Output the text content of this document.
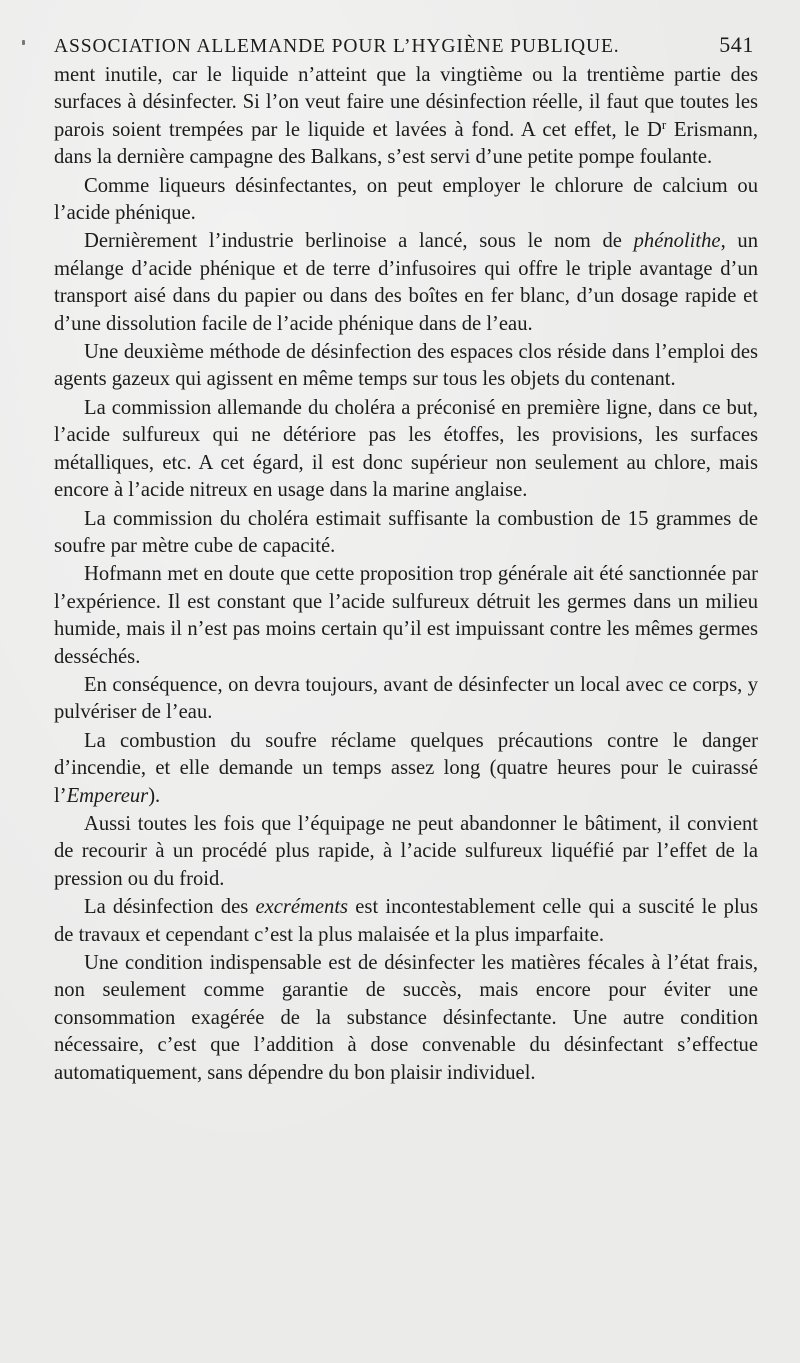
ASSOCIATION ALLEMANDE POUR L’HYGIÈNE PUBLIQUE.	541

ment inutile, car le liquide n’atteint que la vingtième ou la trentième partie des surfaces à désinfecter. Si l’on veut faire une désinfection réelle, il faut que toutes les parois soient trempées par le liquide et lavées à fond. A cet effet, le $D^r$ Erismann, dans la dernière campagne des Balkans, s’est servi d’une petite pompe foulante.

Comme liqueurs désinfectantes, on peut employer le chlorure de calcium ou l’acide phénique.

Dernièrement l’industrie berlinoise a lancé, sous le nom de phénolithe, un mélange d’acide phénique et de terre d’infusoires qui offre le triple avantage d’un transport aisé dans du papier ou dans des boîtes en fer blanc, d’un dosage rapide et d’une dissolution facile de l’acide phénique dans de l’eau.

Une deuxième méthode de désinfection des espaces clos réside dans l’emploi des agents gazeux qui agissent en même temps sur tous les objets du contenant.

La commission allemande du choléra a préconisé en première ligne, dans ce but, l’acide sulfureux qui ne détériore pas les étoffes, les provisions, les surfaces métalliques, etc. A cet égard, il est donc supérieur non seulement au chlore, mais encore à l’acide nitreux en usage dans la marine anglaise.

La commission du choléra estimait suffisante la combustion de 15 grammes de soufre par mètre cube de capacité.

Hofmann met en doute que cette proposition trop générale ait été sanctionnée par l’expérience. Il est constant que l’acide sulfureux détruit les germes dans un milieu humide, mais il n’est pas moins certain qu’il est impuissant contre les mêmes germes desséchés.

En conséquence, on devra toujours, avant de désinfecter un local avec ce corps, y pulvériser de l’eau.

La combustion du soufre réclame quelques précautions contre le danger d’incendie, et elle demande un temps assez long (quatre heures pour le cuirassé l’Empereur).

Aussi toutes les fois que l’équipage ne peut abandonner le bâtiment, il convient de recourir à un procédé plus rapide, à l’acide sulfureux liquéfié par l’effet de la pression ou du froid.

La désinfection des excréments est incontestablement celle qui a suscité le plus de travaux et cependant c’est la plus malaisée et la plus imparfaite.

Une condition indispensable est de désinfecter les matières fécales à l’état frais, non seulement comme garantie de succès, mais encore pour éviter une consommation exagérée de la substance désinfectante. Une autre condition nécessaire, c’est que l’addition à dose convenable du désinfectant s’effectue automatiquement, sans dépendre du bon plaisir individuel.
